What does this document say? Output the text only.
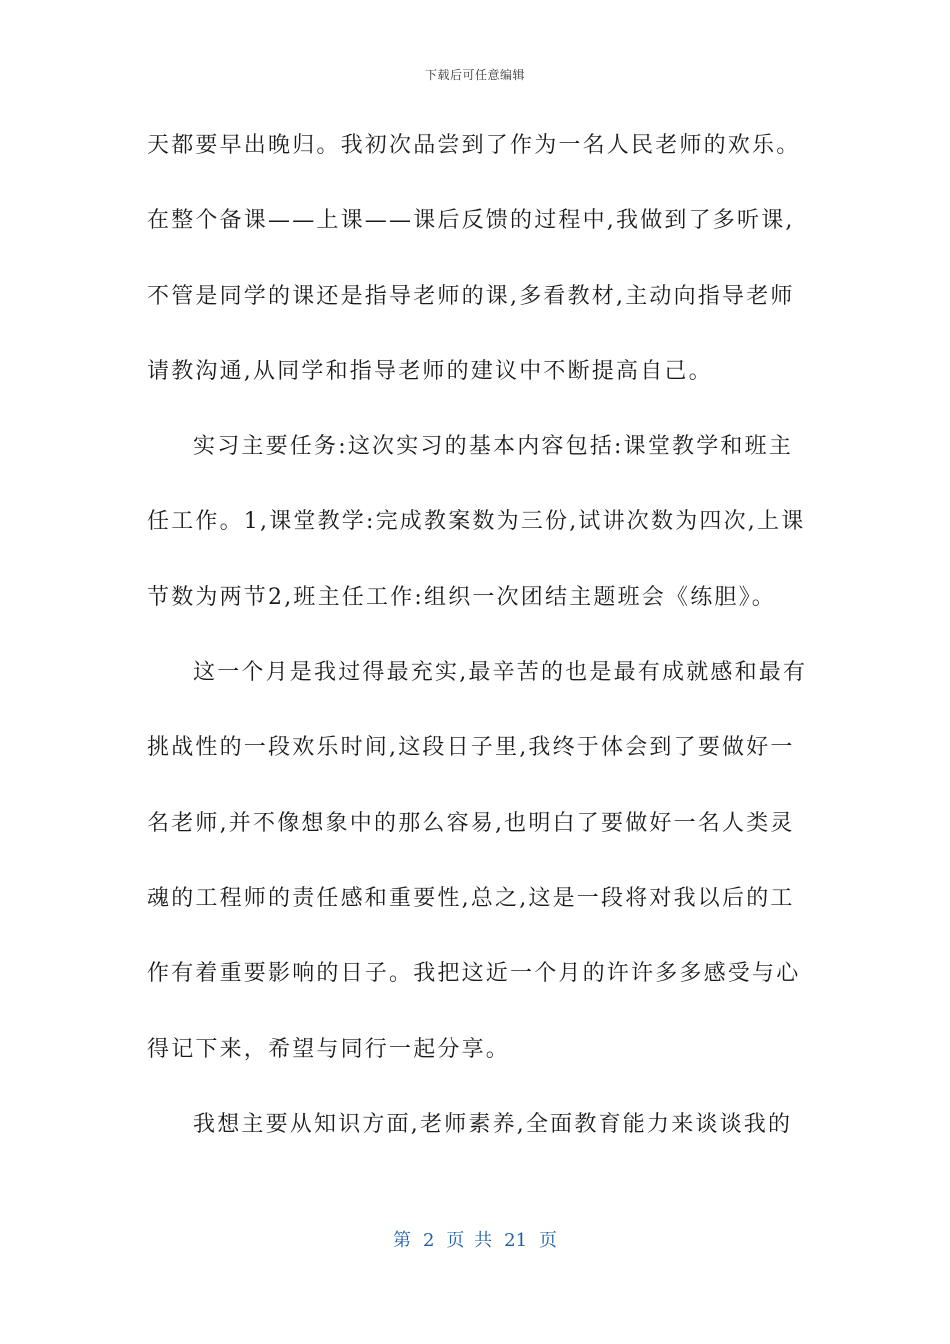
下载后可任意编辑
天都要早出晚归。我初次品尝到了作为一名人民老师的欢乐。
在整个备课——上课——课后反馈的过程中,我做到了多听课,
不管是同学的课还是指导老师的课,多看教材,主动向指导老师
请教沟通,从同学和指导老师的建议中不断提高自己。
实习主要任务:这次实习的基本内容包括:课堂教学和班主
任工作。1,课堂教学:完成教案数为三份,试讲次数为四次,上课
节数为两节2,班主任工作:组织一次团结主题班会《练胆》。
这一个月是我过得最充实,最辛苦的也是最有成就感和最有
挑战性的一段欢乐时间,这段日子里,我终于体会到了要做好一
名老师,并不像想象中的那么容易,也明白了要做好一名人类灵
魂的工程师的责任感和重要性,总之,这是一段将对我以后的工
作有着重要影响的日子。我把这近一个月的许许多多感受与心
得记下来，希望与同行一起分享。
我想主要从知识方面,老师素养,全面教育能力来谈谈我的
第 2 页 共 21 页
